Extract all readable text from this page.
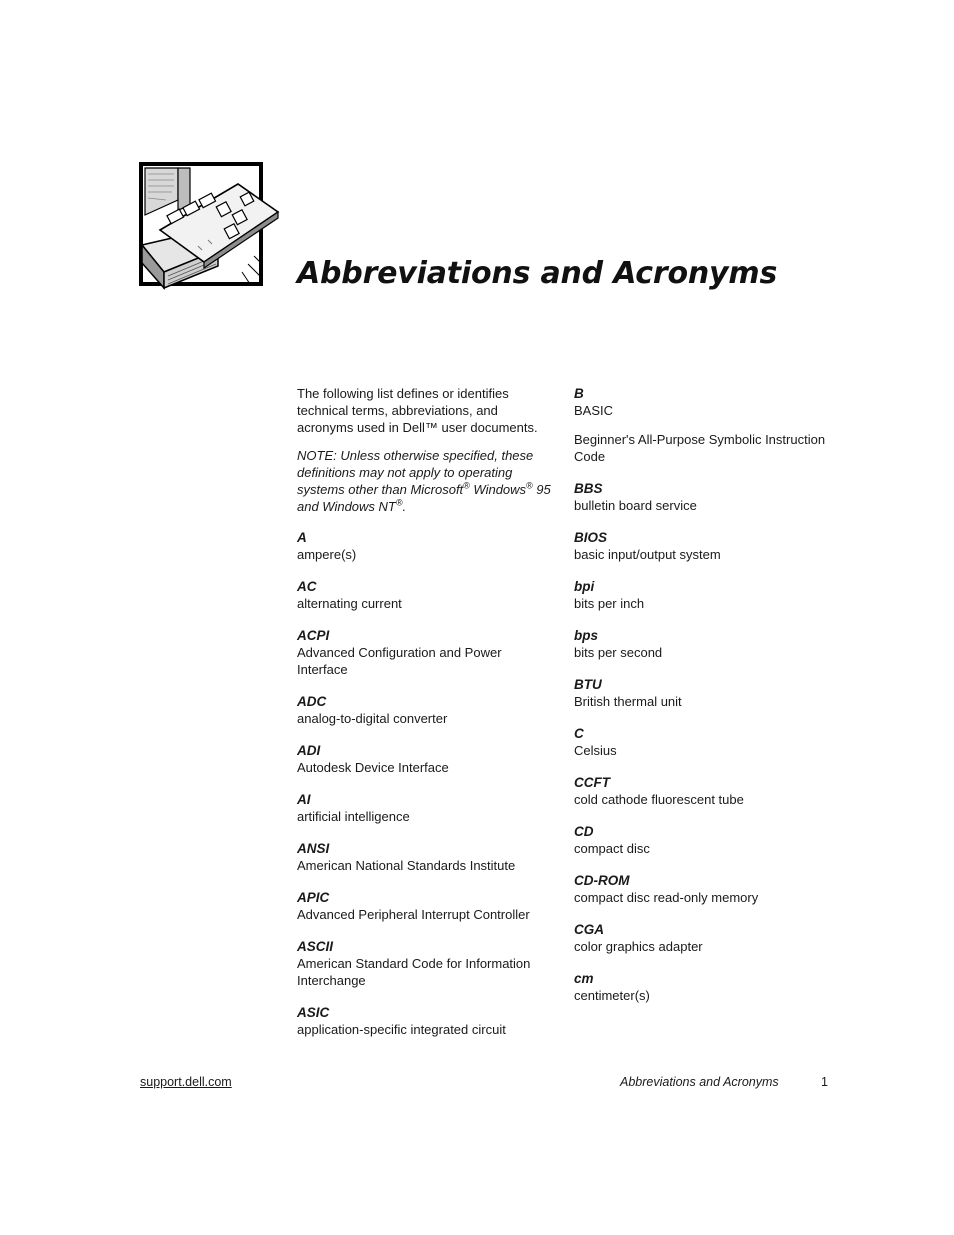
Abbreviations and Acronyms

The following list defines or identifies technical terms, abbreviations, and acronyms used in Dell™ user documents.

NOTE: Unless otherwise specified, these definitions may not apply to operating systems other than Microsoft® Windows® 95 and Windows NT®.

A
ampere(s)
AC
alternating current
ACPI
Advanced Configuration and Power Interface
ADC
analog-to-digital converter
ADI
Autodesk Device Interface
AI
artificial intelligence
ANSI
American National Standards Institute
APIC
Advanced Peripheral Interrupt Controller
ASCII
American Standard Code for Information Interchange
ASIC
application-specific integrated circuit
B
BASIC
Beginner's All-Purpose Symbolic Instruction Code
BBS
bulletin board service
BIOS
basic input/output system
bpi
bits per inch
bps
bits per second
BTU
British thermal unit
C
Celsius
CCFT
cold cathode fluorescent tube
CD
compact disc
CD-ROM
compact disc read-only memory
CGA
color graphics adapter
cm
centimeter(s)
support.dell.com	Abbreviations and Acronyms	1
